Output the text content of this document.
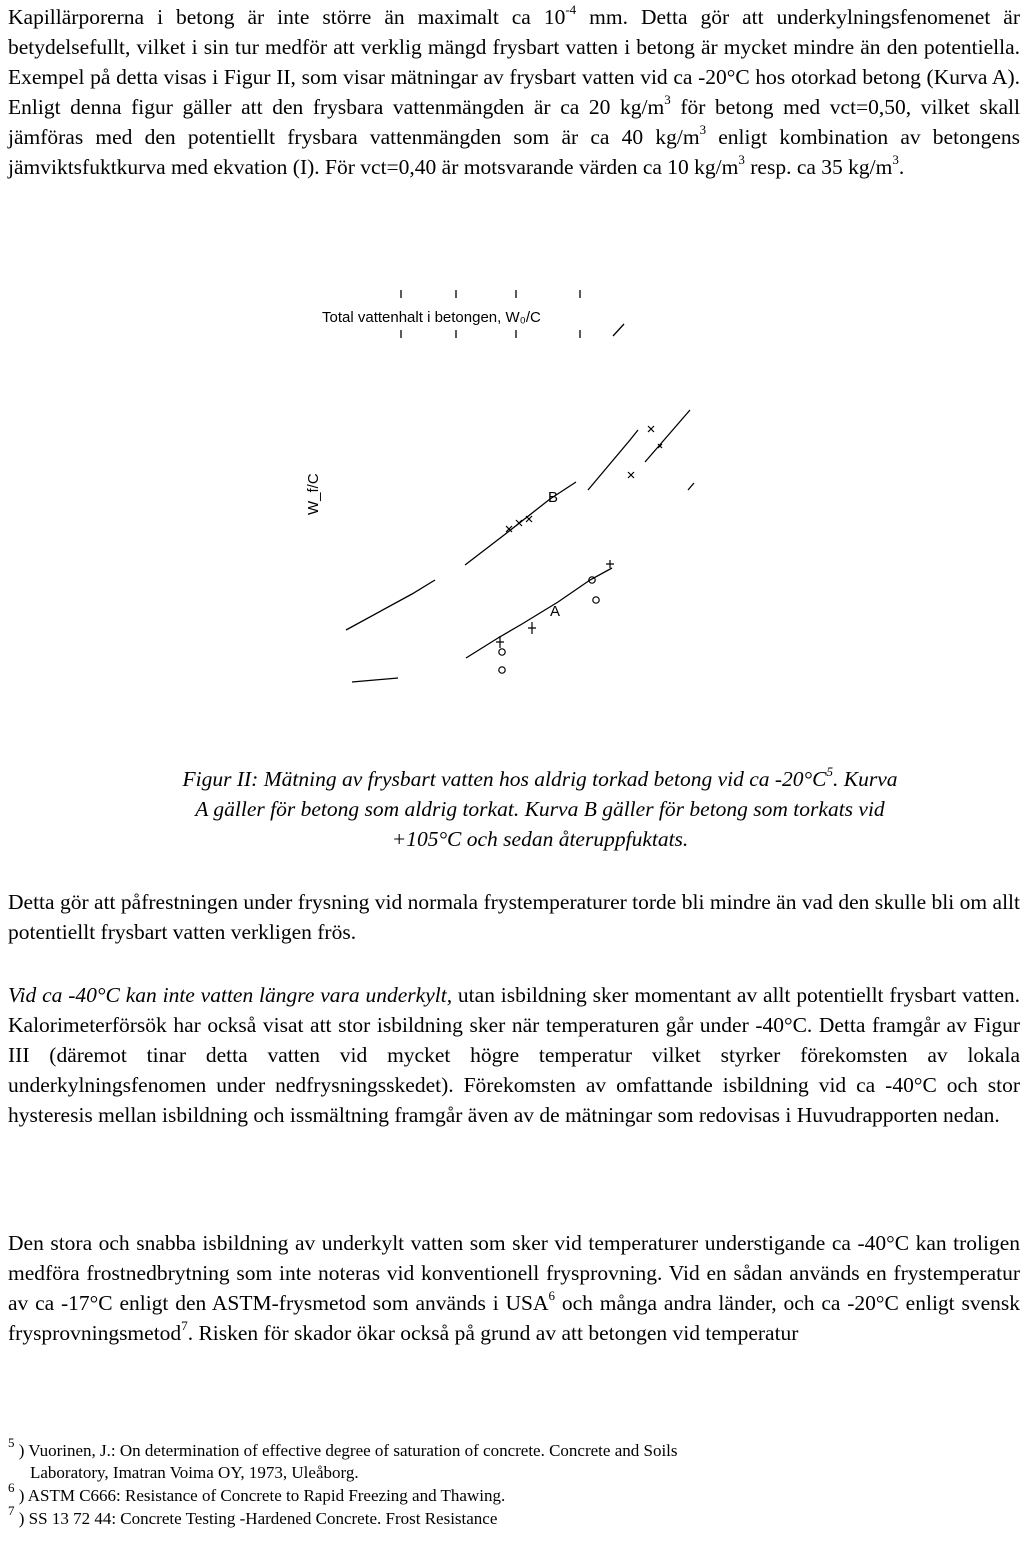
Kapillärporerna i betong är inte större än maximalt ca $10^{-4}$ mm. Detta gör att underkylningsfenomenet är betydelsefullt, vilket i sin tur medför att verklig mängd frysbart vatten i betong är mycket mindre än den potentiella. Exempel på detta visas i Figur II, som visar mätningar av frysbart vatten vid ca -20°C hos otorkad betong (Kurva A). Enligt denna figur gäller att den frysbara vattenmängden är ca 20 $kg/m^3$ för betong med vct=0,50, vilket skall jämföras med den potentiellt frysbara vattenmängden som är ca 40 $kg/m^3$ enligt kombination av betongens jämviktsfuktkurva med ekvation (I). För vct=0,40 är motsvarande värden ca 10 $kg/m^3$ resp. ca 35 $kg/m^3$.

Total vattenhalt i betongen, W₀/C
W_f/C	B
A

Figur II: Mätning av frysbart vatten hos aldrig torkad betong vid ca $-20^\circ C^5$. Kurva A gäller för betong som aldrig torkat. Kurva B gäller för betong som torkats vid +105°C och sedan återuppfuktats.

Detta gör att påfrestningen under frysning vid normala frystemperaturer torde bli mindre än vad den skulle bli om allt potentiellt frysbart vatten verkligen frös.

Vid ca -40°C kan inte vatten längre vara underkylt, utan isbildning sker momentant av allt potentiellt frysbart vatten. Kalorimeterförsök har också visat att stor isbildning sker när temperaturen går under -40°C. Detta framgår av Figur III (däremot tinar detta vatten vid mycket högre temperatur vilket styrker förekomsten av lokala underkylningsfenomen under nedfrysningsskedet). Förekomsten av omfattande isbildning vid ca -40°C och stor hysteresis mellan isbildning och issmältning framgår även av de mätningar som redovisas i Huvudrapporten nedan.

Den stora och snabba isbildning av underkylt vatten som sker vid temperaturer understigande ca -40°C kan troligen medföra frostnedbrytning som inte noteras vid konventionell frysprovning. Vid en sådan används en frystemperatur av ca -17°C enligt den ASTM-frysmetod som används i USA$^6$ och många andra länder, och ca -20°C enligt svensk frysprovningsmetod$^7$. Risken för skador ökar också på grund av att betongen vid temperatur

$^5$ ) Vuorinen, J.: On determination of effective degree of saturation of concrete. Concrete and Soils
Laboratory, Imatran Voima OY, 1973, Uleåborg.
$^6$ ) ASTM C666: Resistance of Concrete to Rapid Freezing and Thawing.
$^7$ ) SS 13 72 44: Concrete Testing -Hardened Concrete. Frost Resistance
